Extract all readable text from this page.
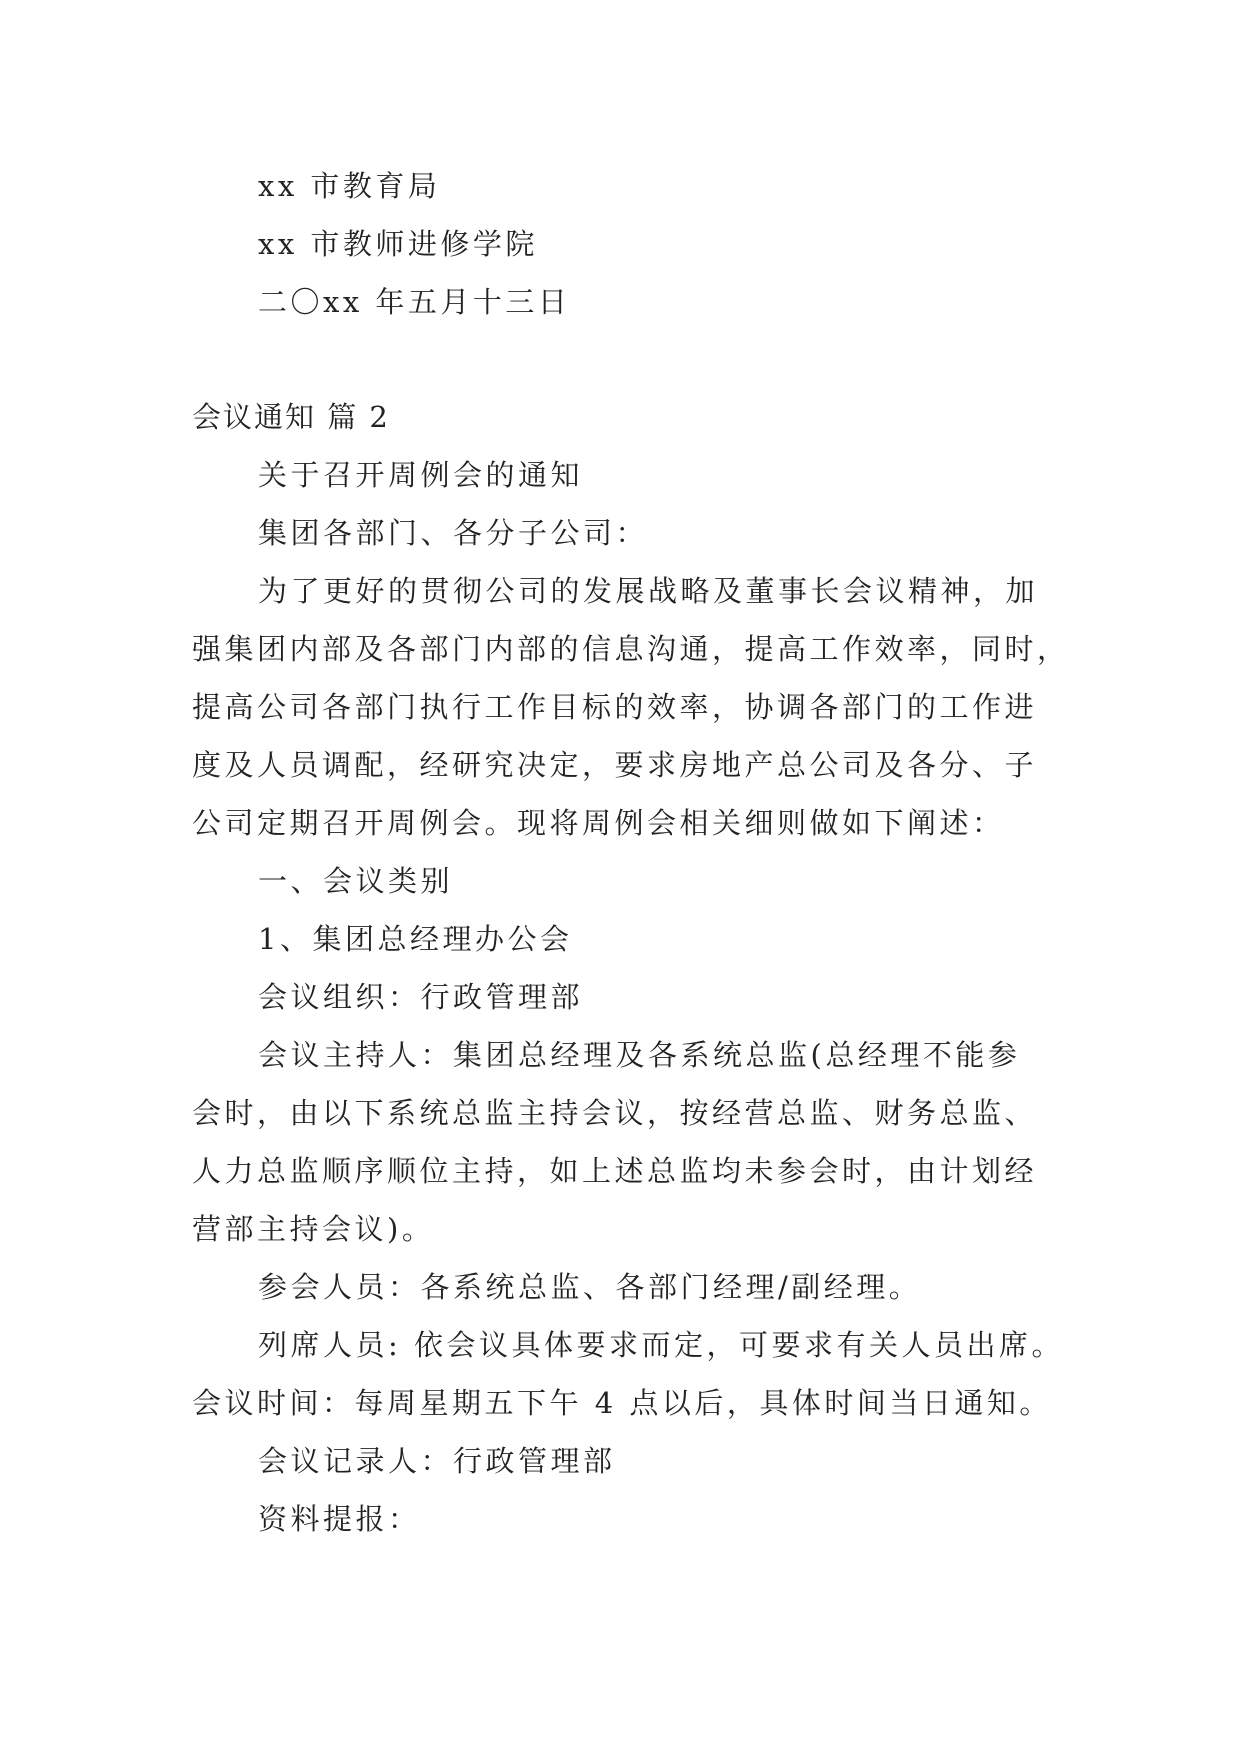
xx 市教育局
xx 市教师进修学院
二〇xx 年五月十三日
会议通知 篇 2
关于召开周例会的通知
集团各部门、各分子公司：
为了更好的贯彻公司的发展战略及董事长会议精神，加
强集团内部及各部门内部的信息沟通，提高工作效率，同时，
提高公司各部门执行工作目标的效率，协调各部门的工作进
度及人员调配，经研究决定，要求房地产总公司及各分、子
公司定期召开周例会。现将周例会相关细则做如下阐述：
一、会议类别
1、集团总经理办公会
会议组织：行政管理部
会议主持人：集团总经理及各系统总监(总经理不能参
会时，由以下系统总监主持会议，按经营总监、财务总监、
人力总监顺序顺位主持，如上述总监均未参会时，由计划经
营部主持会议)。
参会人员：各系统总监、各部门经理/副经理。
列席人员: 依会议具体要求而定，可要求有关人员出席。
会议时间：每周星期五下午 4 点以后，具体时间当日通知。
会议记录人：行政管理部
资料提报：
